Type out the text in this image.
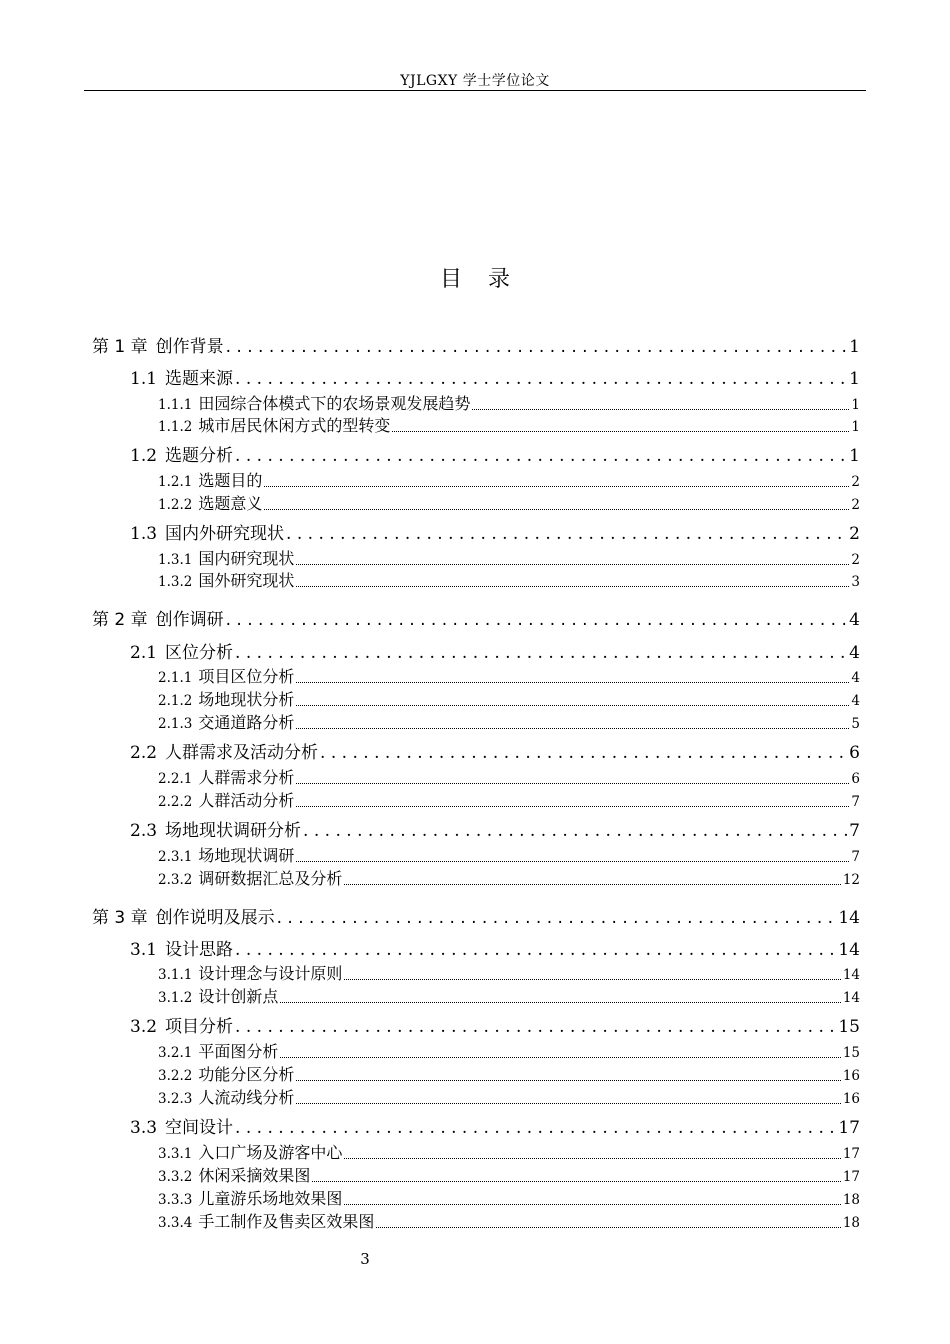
YJLGXY 学士学位论文
目 录
第 1 章 创作背景 .....	1
1.1 选题来源 .....	1
1.1.1 田园综合体模式下的农场景观发展趋势	1
1.1.2 城市居民休闲方式的型转变	1
1.2 选题分析 .....	1
1.2.1 选题目的	2
1.2.2 选题意义	2
1.3 国内外研究现状 .....	2
1.3.1 国内研究现状	2
1.3.2 国外研究现状	3
第 2 章 创作调研 .....	4
2.1 区位分析 .....	4
2.1.1 项目区位分析	4
2.1.2 场地现状分析	4
2.1.3 交通道路分析	5
2.2 人群需求及活动分析 .....	6
2.2.1 人群需求分析	6
2.2.2 人群活动分析	7
2.3 场地现状调研分析 .....	7
2.3.1 场地现状调研	7
2.3.2 调研数据汇总及分析	12
第 3 章 创作说明及展示 .....	14
3.1 设计思路 .....	14
3.1.1 设计理念与设计原则	14
3.1.2 设计创新点	14
3.2 项目分析 .....	15
3.2.1 平面图分析	15
3.2.2 功能分区分析	16
3.2.3 人流动线分析	16
3.3 空间设计 .....	17
3.3.1 入口广场及游客中心	17
3.3.2 休闲采摘效果图	17
3.3.3 儿童游乐场地效果图	18
3.3.4 手工制作及售卖区效果图	18
3
